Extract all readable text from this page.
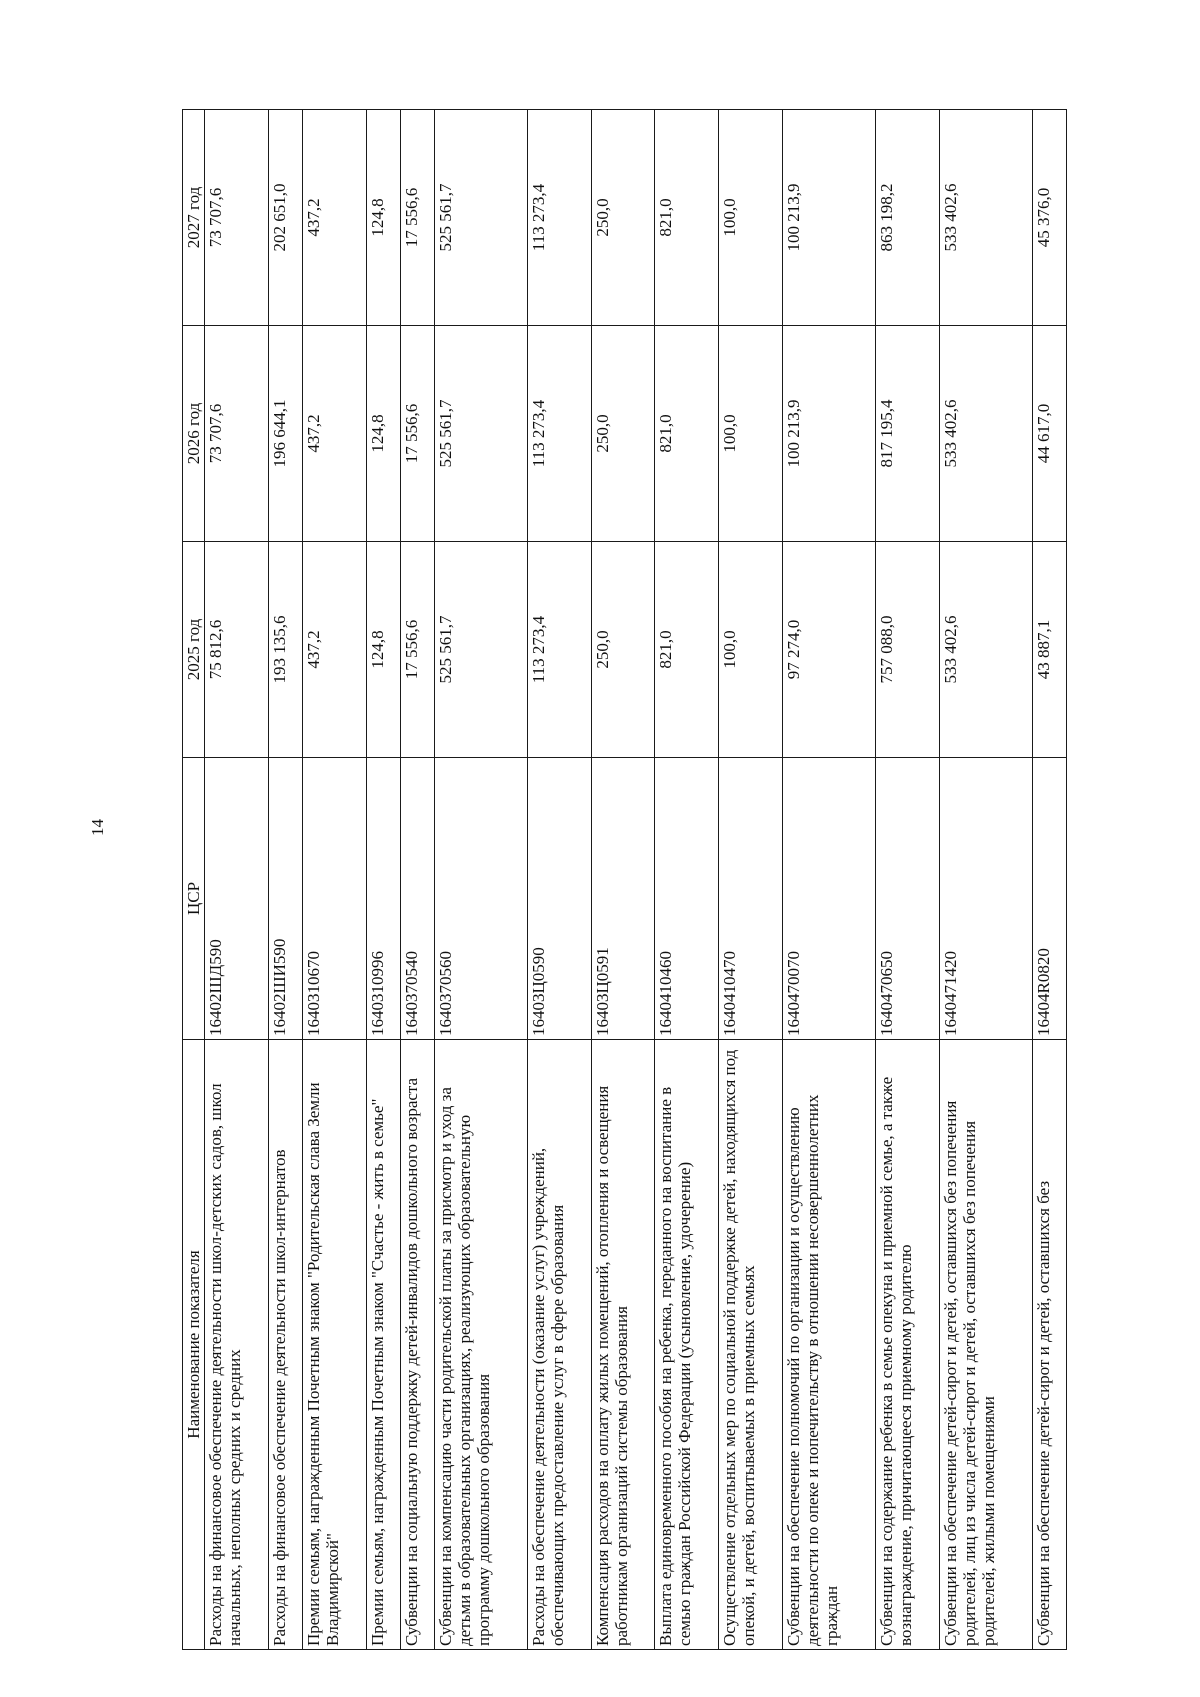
14
Наименование показателя	ЦСР	2025 год	2026 год	2027 год
Расходы на финансовое обеспечение деятельности школ-детских садов, школ начальных, неполных средних и средних	16402ШД590	75 812,6	73 707,6	73 707,6
Расходы на финансовое обеспечение деятельности школ-интернатов	16402ШИ590	193 135,6	196 644,1	202 651,0
Премии семьям, награжденным Почетным знаком "Родительская слава Земли Владимирской"	1640310670	437,2	437,2	437,2
Премии семьям, награжденным Почетным знаком "Счастье - жить в семье"	1640310996	124,8	124,8	124,8
Субвенции на социальную поддержку детей-инвалидов дошкольного возраста	1640370540	17 556,6	17 556,6	17 556,6
Субвенции на компенсацию части родительской платы за присмотр и уход за детьми в образовательных организациях, реализующих образовательную программу дошкольного образования	1640370560	525 561,7	525 561,7	525 561,7
Расходы на обеспечение деятельности (оказание услуг) учреждений, обеспечивающих предоставление услуг в сфере образования	16403Ц0590	113 273,4	113 273,4	113 273,4
Компенсация расходов на оплату жилых помещений, отопления и освещения работникам организаций системы образования	16403Ц0591	250,0	250,0	250,0
Выплата единовременного пособия на ребенка, переданного на воспитание в семью граждан Российской Федерации (усыновление, удочерение)	1640410460	821,0	821,0	821,0
Осуществление отдельных мер по социальной поддержке детей, находящихся под опекой, и детей, воспитываемых в приемных семьях	1640410470	100,0	100,0	100,0
Субвенции на обеспечение полномочий по организации и осуществлению деятельности по опеке и попечительству в отношении несовершеннолетних граждан	1640470070	97 274,0	100 213,9	100 213,9
Субвенции на содержание ребенка в семье опекуна и приемной семье, а также вознаграждение, причитающееся приемному родителю	1640470650	757 088,0	817 195,4	863 198,2
Субвенции на обеспечение детей-сирот и детей, оставшихся без попечения родителей, лиц из числа детей-сирот и детей, оставшихся без попечения родителей, жилыми помещениями	1640471420	533 402,6	533 402,6	533 402,6
Субвенции на обеспечение детей-сирот и детей, оставшихся без	16404R0820	43 887,1	44 617,0	45 376,0
